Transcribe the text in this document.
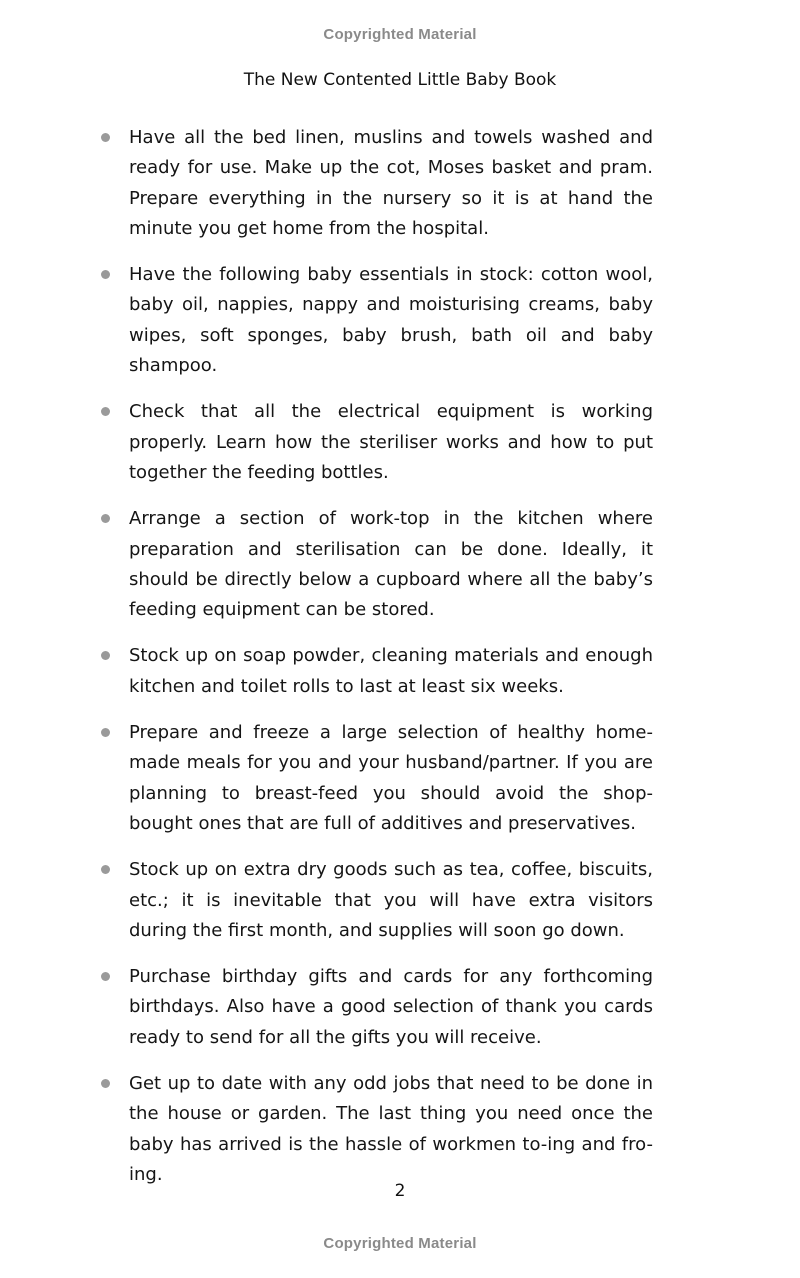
Copyrighted Material
The New Contented Little Baby Book
Have all the bed linen, muslins and towels washed and ready for use. Make up the cot, Moses basket and pram. Prepare everything in the nursery so it is at hand the minute you get home from the hospital.
Have the following baby essentials in stock: cotton wool, baby oil, nappies, nappy and moisturising creams, baby wipes, soft sponges, baby brush, bath oil and baby shampoo.
Check that all the electrical equipment is working properly. Learn how the steriliser works and how to put together the feeding bottles.
Arrange a section of work-top in the kitchen where preparation and sterilisation can be done. Ideally, it should be directly below a cupboard where all the baby’s feeding equipment can be stored.
Stock up on soap powder, cleaning materials and enough kitchen and toilet rolls to last at least six weeks.
Prepare and freeze a large selection of healthy home-made meals for you and your husband/partner. If you are planning to breast-feed you should avoid the shop-bought ones that are full of additives and preservatives.
Stock up on extra dry goods such as tea, coffee, biscuits, etc.; it is inevitable that you will have extra visitors during the first month, and supplies will soon go down.
Purchase birthday gifts and cards for any forthcoming birthdays. Also have a good selection of thank you cards ready to send for all the gifts you will receive.
Get up to date with any odd jobs that need to be done in the house or garden. The last thing you need once the baby has arrived is the hassle of workmen to-ing and fro-ing.
2
Copyrighted Material
